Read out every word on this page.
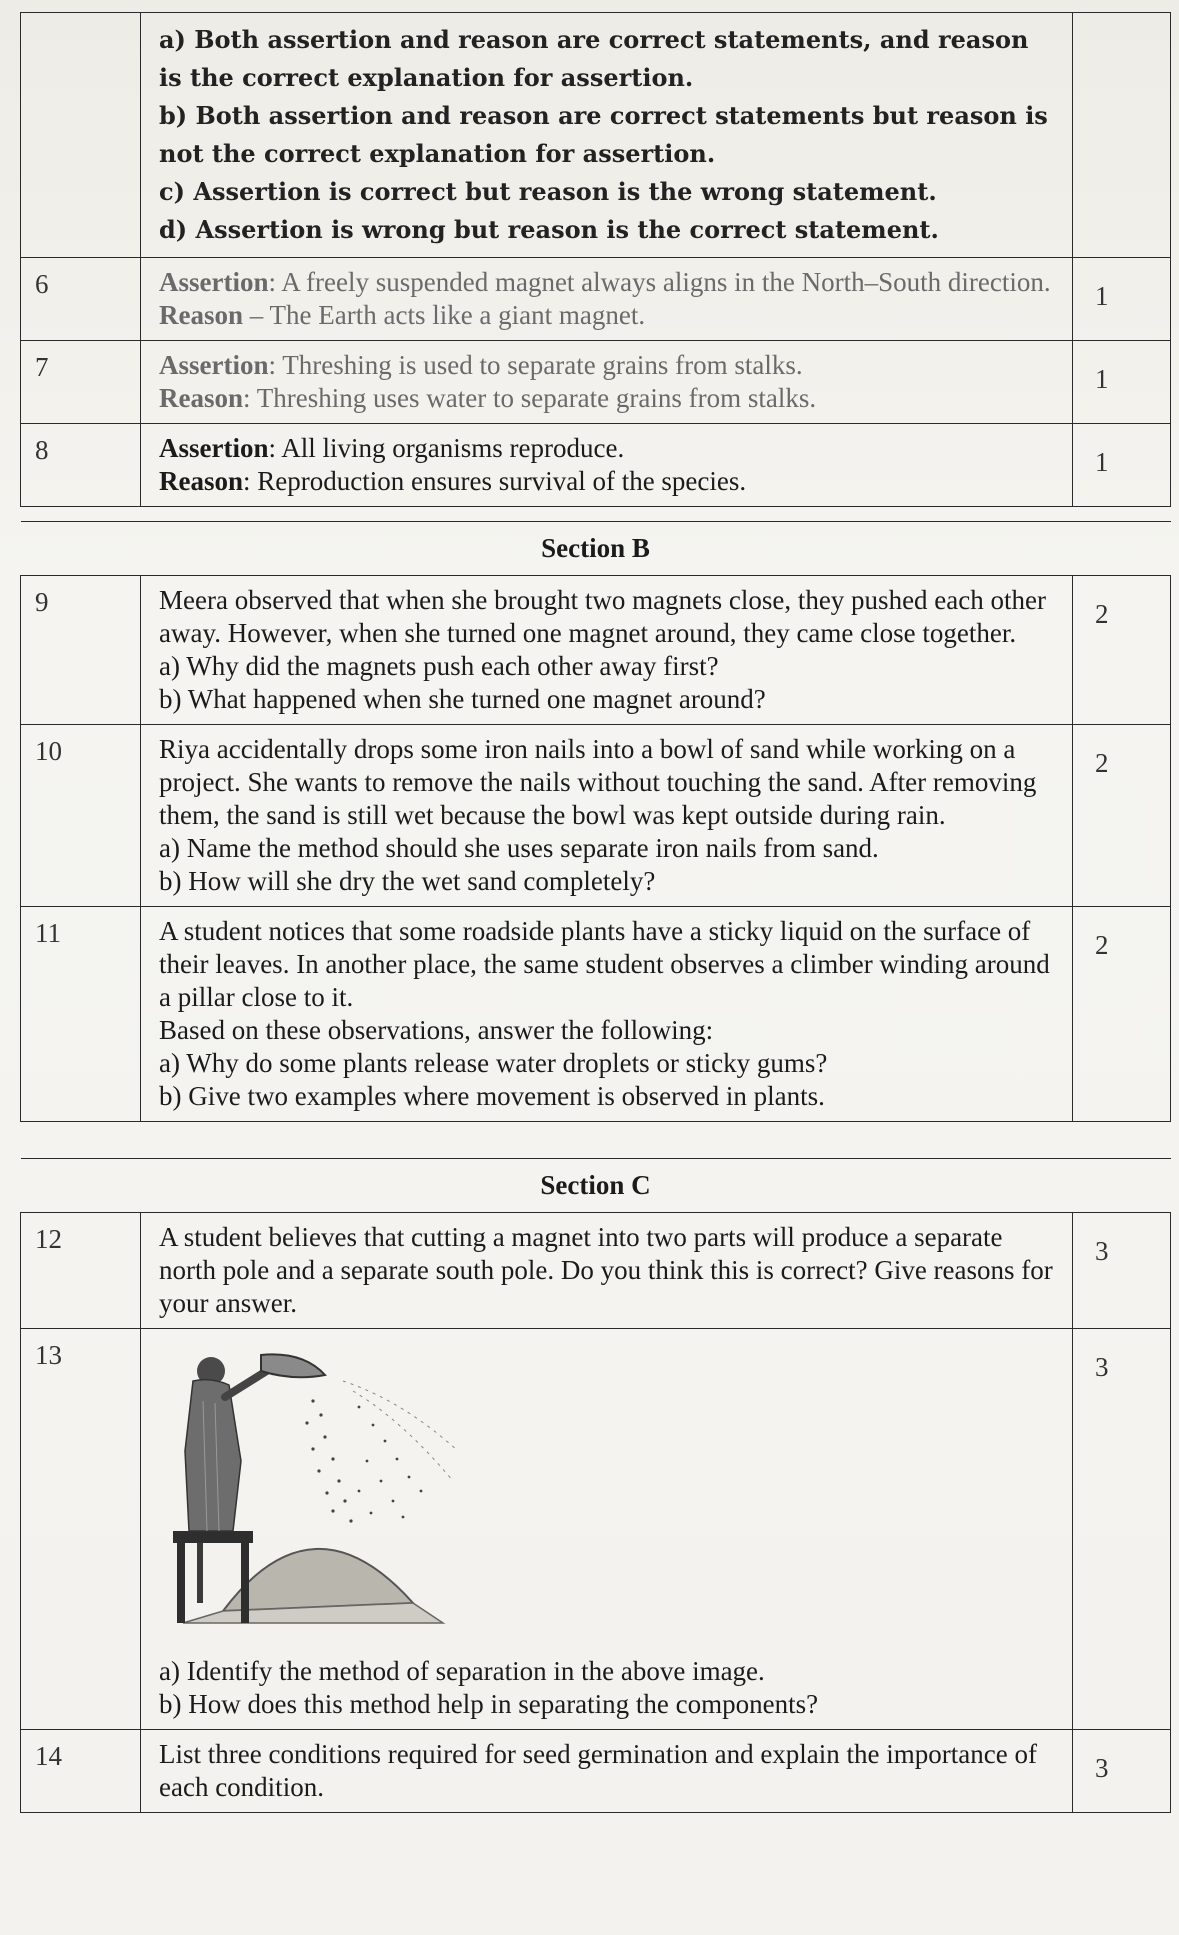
	a) Both assertion and reason are correct statements, and reason is the correct explanation for assertion.
b) Both assertion and reason are correct statements but reason is not the correct explanation for assertion.
c) Assertion is correct but reason is the wrong statement.
d) Assertion is wrong but reason is the correct statement.	

6	Assertion: A freely suspended magnet always aligns in the North–South direction.
Reason – The Earth acts like a giant magnet.	1
7	Assertion: Threshing is used to separate grains from stalks.
Reason: Threshing uses water to separate grains from stalks.	1
8	Assertion: All living organisms reproduce.
Reason: Reproduction ensures survival of the species.	1

Section B		
9	Meera observed that when she brought two magnets close, they pushed each other away. However, when she turned one magnet around, they came close together.
a) Why did the magnets push each other away first?
b) What happened when she turned one magnet around?	2
10	Riya accidentally drops some iron nails into a bowl of sand while working on a project. She wants to remove the nails without touching the sand. After removing them, the sand is still wet because the bowl was kept outside during rain.
a) Name the method should she uses separate iron nails from sand.
b) How will she dry the wet sand completely?	2
11	A student notices that some roadside plants have a sticky liquid on the surface of their leaves. In another place, the same student observes a climber winding around a pillar close to it.
Based on these observations, answer the following:
a) Why do some plants release water droplets or sticky gums?
b) Give two examples where movement is observed in plants.	2

Section C		
12	A student believes that cutting a magnet into two parts will produce a separate north pole and a separate south pole. Do you think this is correct? Give reasons for your answer.	3
13	a) Identify the method of separation in the above image.
b) How does this method help in separating the components?	3
14	List three conditions required for seed germination and explain the importance of each condition.	3
